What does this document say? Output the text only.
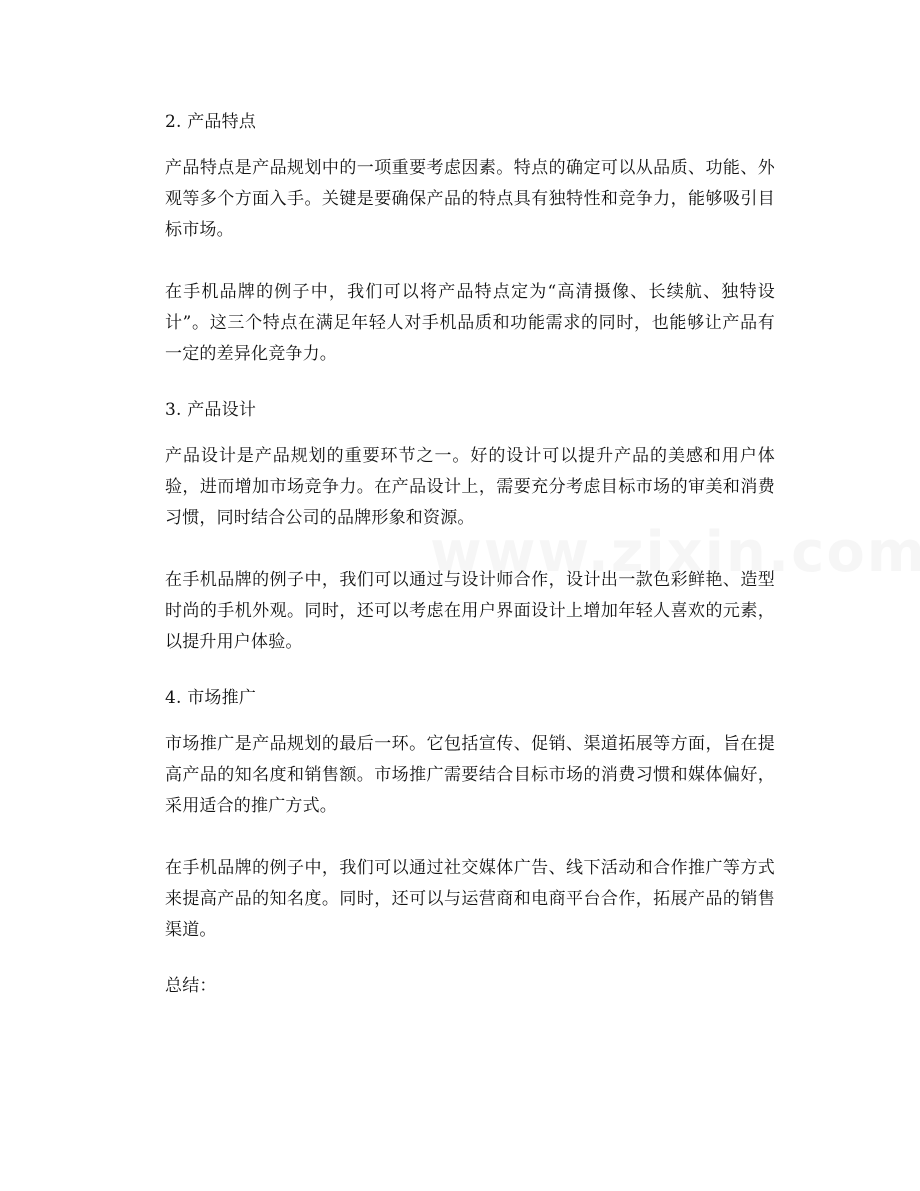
2. 产品特点

产品特点是产品规划中的一项重要考虑因素。特点的确定可以从品质、功能、外观等多个方面入手。关键是要确保产品的特点具有独特性和竞争力，能够吸引目标市场。

在手机品牌的例子中，我们可以将产品特点定为“高清摄像、长续航、独特设计”。这三个特点在满足年轻人对手机品质和功能需求的同时，也能够让产品有一定的差异化竞争力。

3. 产品设计

产品设计是产品规划的重要环节之一。好的设计可以提升产品的美感和用户体验，进而增加市场竞争力。在产品设计上，需要充分考虑目标市场的审美和消费习惯，同时结合公司的品牌形象和资源。

在手机品牌的例子中，我们可以通过与设计师合作，设计出一款色彩鲜艳、造型时尚的手机外观。同时，还可以考虑在用户界面设计上增加年轻人喜欢的元素，以提升用户体验。

4. 市场推广

市场推广是产品规划的最后一环。它包括宣传、促销、渠道拓展等方面，旨在提高产品的知名度和销售额。市场推广需要结合目标市场的消费习惯和媒体偏好，采用适合的推广方式。

在手机品牌的例子中，我们可以通过社交媒体广告、线下活动和合作推广等方式来提高产品的知名度。同时，还可以与运营商和电商平台合作，拓展产品的销售渠道。

总结：
